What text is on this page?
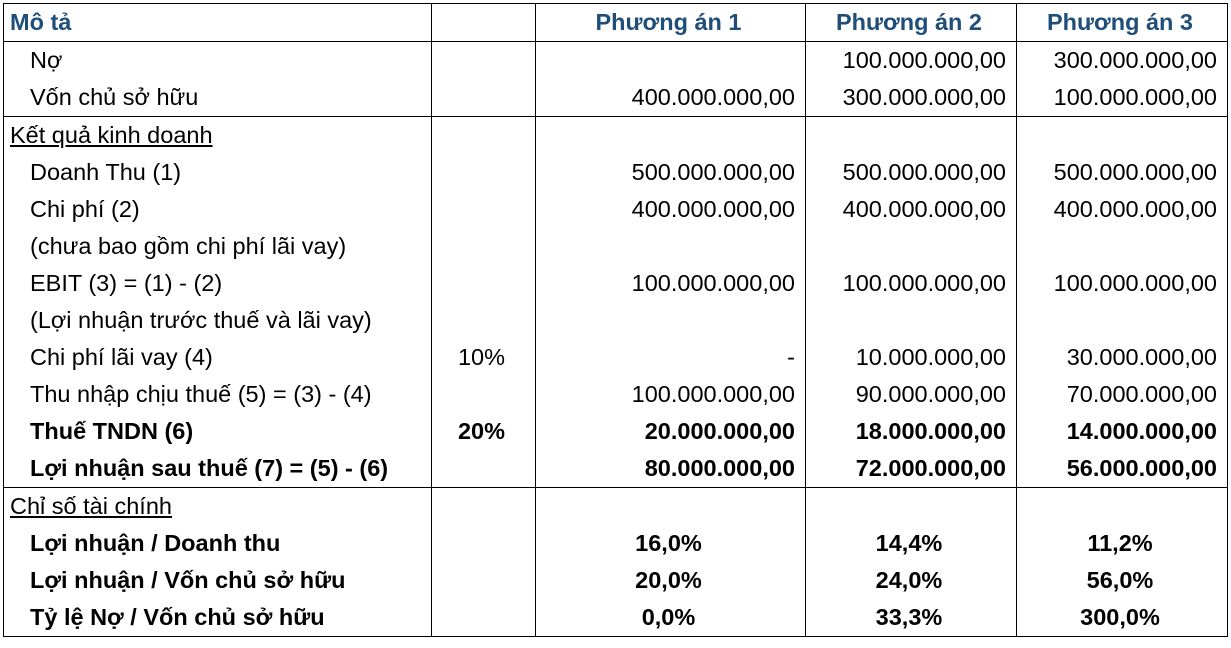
Mô tả		Phương án 1	Phương án 2	Phương án 3
Nợ			100.000.000,00	300.000.000,00
Vốn chủ sở hữu		400.000.000,00	300.000.000,00	100.000.000,00
Kết quả kinh doanh				
Doanh Thu (1)		500.000.000,00	500.000.000,00	500.000.000,00
Chi phí (2)		400.000.000,00	400.000.000,00	400.000.000,00
(chưa bao gồm chi phí lãi vay)				
EBIT (3) = (1) - (2)		100.000.000,00	100.000.000,00	100.000.000,00
(Lợi nhuận trước thuế và lãi vay)				
Chi phí lãi vay (4)	10%	-	10.000.000,00	30.000.000,00
Thu nhập chịu thuế (5) = (3) - (4)		100.000.000,00	90.000.000,00	70.000.000,00
Thuế TNDN (6)	20%	20.000.000,00	18.000.000,00	14.000.000,00
Lợi nhuận sau thuế (7) = (5) - (6)		80.000.000,00	72.000.000,00	56.000.000,00
Chỉ số tài chính				
Lợi nhuận / Doanh thu		16,0%	14,4%	11,2%
Lợi nhuận / Vốn chủ sở hữu		20,0%	24,0%	56,0%
Tỷ lệ Nợ / Vốn chủ sở hữu		0,0%	33,3%	300,0%
